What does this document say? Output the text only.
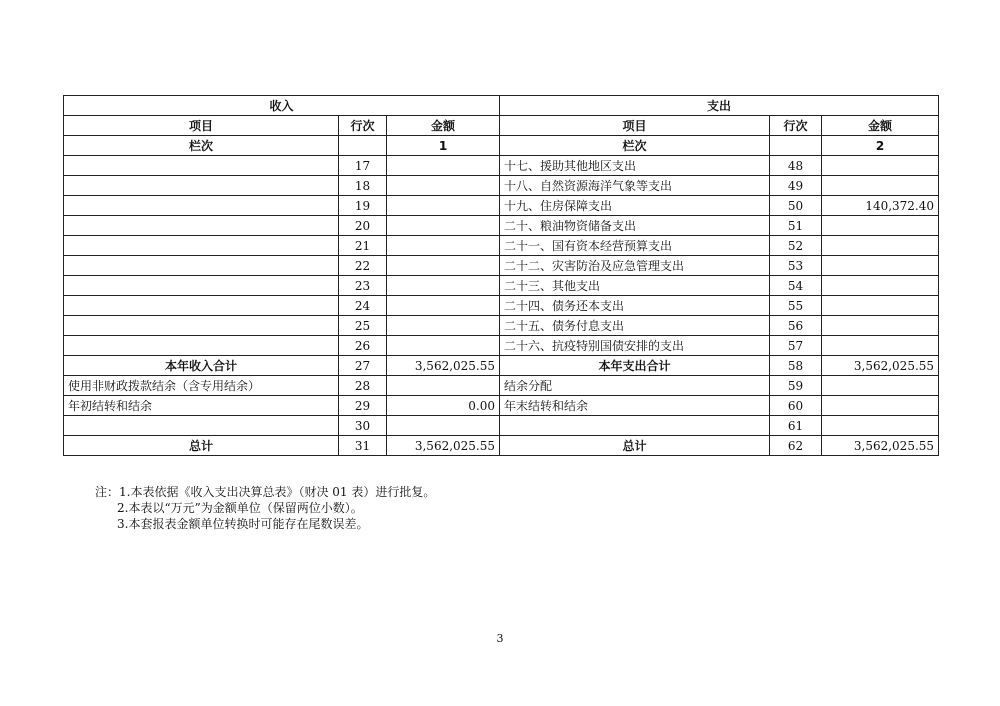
收入			支出		
项目	行次	金额	项目	行次	金额
栏次		1	栏次		2
	17		十七、援助其他地区支出	48	
	18		十八、自然资源海洋气象等支出	49	
	19		十九、住房保障支出	50	140,372.40
	20		二十、粮油物资储备支出	51	
	21		二十一、国有资本经营预算支出	52	
	22		二十二、灾害防治及应急管理支出	53	
	23		二十三、其他支出	54	
	24		二十四、债务还本支出	55	
	25		二十五、债务付息支出	56	
	26		二十六、抗疫特别国债安排的支出	57	
本年收入合计	27	3,562,025.55	本年支出合计	58	3,562,025.55
使用非财政拨款结余（含专用结余）	28		结余分配	59	
年初结转和结余	29	0.00	年末结转和结余	60	
	30			61	
总计	31	3,562,025.55	总计	62	3,562,025.55
注：1.本表依据《收入支出决算总表》（财决 01 表）进行批复。
2.本表以“万元”为金额单位（保留两位小数）。
3.本套报表金额单位转换时可能存在尾数误差。
3
